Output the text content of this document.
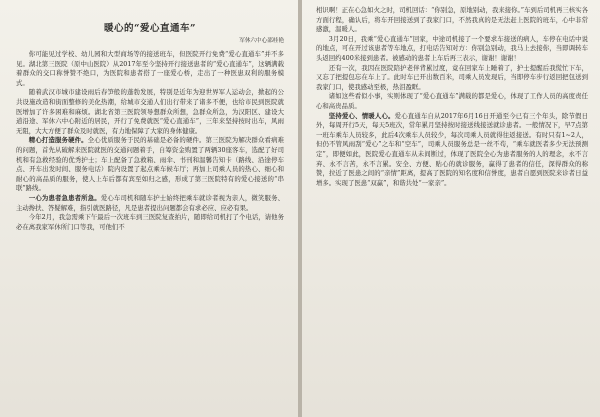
暖心的“爱心直通车”
军休六中心邵桂艳

你可能见过学校、幼儿园和大型商场等的接送班车，但医院开行免费“爱心直通车”并不多见。湖北第三医院（原中山医院）从2017年至今坚持开行接送患者的“爱心直通车”，这辆满载着群众的交口称誉赞不绝口，为医院和患者搭了一座爱心桥，走出了一种医患双利的服务模式。

随着武汉市城市建设雨后春笋般的蓬勃发展，特别是近年为迎世界军人运动会，掀起的公共设施改造和街面整修的美化热潮，给城市交通人们出行带来了诸多不便，也给市民到医院就医增加了许多困难和麻烦。湖北省第三医院领导想群众所想，急群众所急，为汉阳区、建设大道沿途、军休六中心附近的居民，开行了免费就医“爱心直通车”，三年来坚持按时出车，风雨无阻，大大方便了群众及时就医，有力地保障了大家的身体健康。

精心打造服务硬件。全心优质服务于民的基础是必备的硬件。第三医院为解决群众看病难的问题，首先从破解来医院就医的交通问题着手，自筹资金购置了两辆30座客车，选配了好司机和有急救经验的优秀护士；车上配备了急救箱、雨伞、书刊和温馨告知卡（路线、沿途停车点、开车出发时间、服务电话）院内设置了起点乘车候车厅；再加上司乘人员的热心、细心和耐心的高品质的服务，使人上车后都有宾至如归之感，形成了第三医院特有的爱心接送的“串联”路线。

一心为患者急患者所急。爱心车司机和随车护士始终把乘车就诊者视为亲人，微笑服务、主动搀扶、答疑解难，指引就医路径，凡是患者提出问题都会有求必应、应必有果。

今年2月，我急需乘下午最后一次班车到三医院复查拍片，随即给司机打了个电话，请他务必在离我家军休所门口等我，可他们不

相识啊！正在心急如火之时，司机回话：“你别急，原地别动，我来接你。”车到后司机再三核实各方面行程，确认后，将车开回接送到了我家门口，不然我真的是无法赶上医院的班车，心中非常感激，温暖人。

3月20日，我乘“爱心直通车”回家，中途司机接了一个要求车接送的病人，车停在电话中说的地点，可在开过该患者等车地点，打电话告知对方：你别急别动，我马上去接你，当即调转车头返回约400米接到患者。被感动的患者上车后再三表示，谢谢！谢谢！

还有一次，我因在医院陪护老伴背累过度，竟在回家车上睡着了，护士提醒后我慌忙下车，又忘了把提包忘在车上了。此时车已开出数百米，司乘人员发现后，当即停车步行返回把包送到我家门口，使我感动至极，热泪盈眶。

诸如这些看似小事，实则体现了“爱心直通车”满载的都是爱心，体现了工作人员的高度责任心和高贵品质。

坚持爱心、情暖人心。爱心直通车自从2017年6月16日开通至今已有三个年头，除节假日外，每周开行5天，每天5班次，常年累月坚持按时接送线接送就诊患者。一般情况下，早7点第一班车乘车人员较多，此后4次乘车人员较少，每次司乘人员就得往返接送。有时只有1~2人，但仍不管风雨刮“爱心”之车和“空车”，司乘人员服务总是一丝不苟，“乘车就医者多少无法预测定”，即便如此，医院爱心直通车从未间断过，体现了医院全心为患者服务的人的理念，永不言弃、永不言苦，永不言累。安全、方便、贴心的就诊服务，赢得了患者的信任，深得群众的称赞，拉近了医患之间的“亲情”距离，提高了医院的知名度和信誉度，患者自愿到医院来诊者日益增多。实现了医患“双赢”，和谐共处“一家亲”。
